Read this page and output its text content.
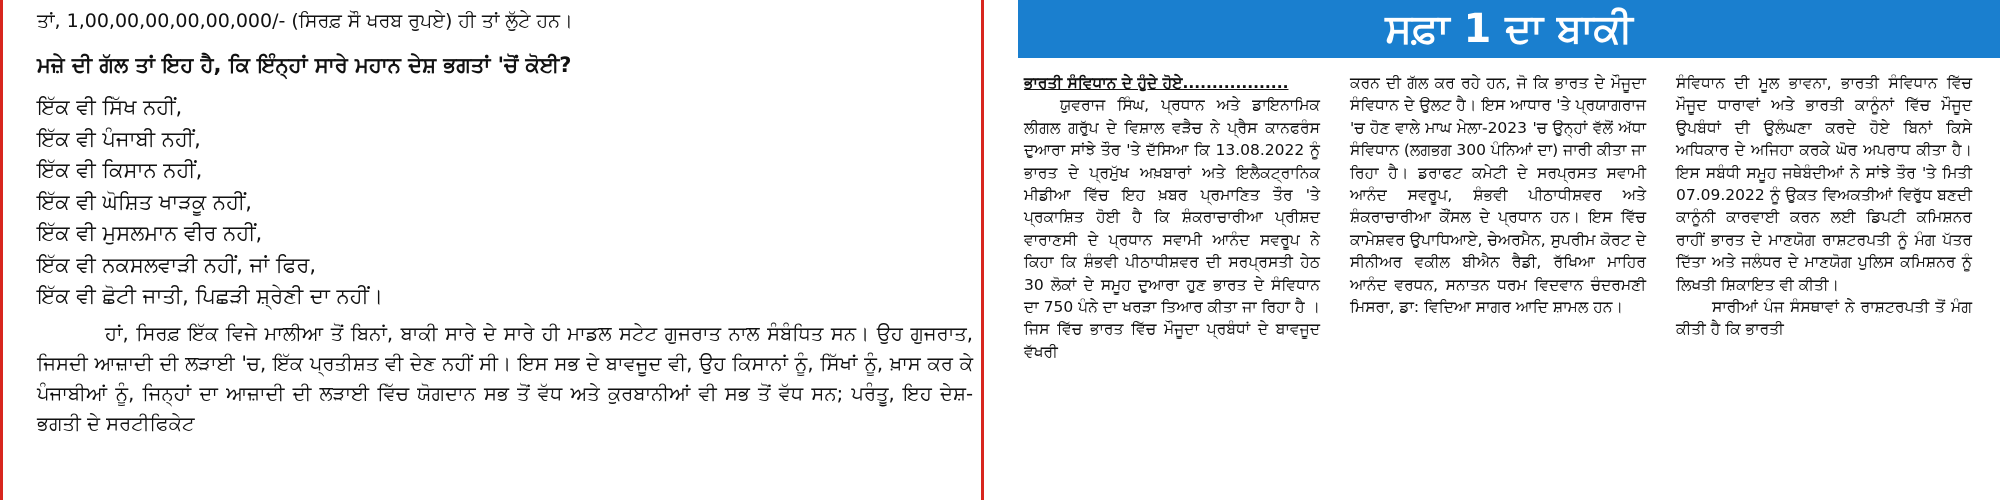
ਤਾਂ, 1,00,00,00,00,00,000/- (ਸਿਰਫ਼ ਸੌ ਖਰਬ ਰੁਪਏ) ਹੀ ਤਾਂ ਲੁੱਟੇ ਹਨ।

ਮਜ਼ੇ ਦੀ ਗੱਲ ਤਾਂ ਇਹ ਹੈ, ਕਿ ਇੰਨ੍ਹਾਂ ਸਾਰੇ ਮਹਾਨ ਦੇਸ਼ ਭਗਤਾਂ 'ਚੋਂ ਕੋਈ?

ਇੱਕ ਵੀ ਸਿੱਖ ਨਹੀਂ,
ਇੱਕ ਵੀ ਪੰਜਾਬੀ ਨਹੀਂ,
ਇੱਕ ਵੀ ਕਿਸਾਨ ਨਹੀਂ,
ਇੱਕ ਵੀ ਘੋਸ਼ਿਤ ਖਾੜਕੂ ਨਹੀਂ,
ਇੱਕ ਵੀ ਮੁਸਲਮਾਨ ਵੀਰ ਨਹੀਂ,
ਇੱਕ ਵੀ ਨਕਸਲਵਾੜੀ ਨਹੀਂ, ਜਾਂ ਫਿਰ,
ਇੱਕ ਵੀ ਛੋਟੀ ਜਾਤੀ, ਪਿਛੜੀ ਸ਼੍ਰੇਣੀ ਦਾ ਨਹੀਂ।

ਹਾਂ, ਸਿਰਫ਼ ਇੱਕ ਵਿਜੇ ਮਾਲੀਆ ਤੋਂ ਬਿਨਾਂ, ਬਾਕੀ ਸਾਰੇ ਦੇ ਸਾਰੇ ਹੀ ਮਾਡਲ ਸਟੇਟ ਗੁਜਰਾਤ ਨਾਲ ਸੰਬੰਧਿਤ ਸਨ। ਉਹ ਗੁਜਰਾਤ, ਜਿਸਦੀ ਆਜ਼ਾਦੀ ਦੀ ਲੜਾਈ 'ਚ, ਇੱਕ ਪ੍ਰਤੀਸ਼ਤ ਵੀ ਦੇਣ ਨਹੀਂ ਸੀ। ਇਸ ਸਭ ਦੇ ਬਾਵਜੂਦ ਵੀ, ਉਹ ਕਿਸਾਨਾਂ ਨੂੰ, ਸਿੱਖਾਂ ਨੂੰ, ਖ਼ਾਸ ਕਰ ਕੇ ਪੰਜਾਬੀਆਂ ਨੂੰ, ਜਿਨ੍ਹਾਂ ਦਾ ਆਜ਼ਾਦੀ ਦੀ ਲੜਾਈ ਵਿੱਚ ਯੋਗਦਾਨ ਸਭ ਤੋਂ ਵੱਧ ਅਤੇ ਕੁਰਬਾਨੀਆਂ ਵੀ ਸਭ ਤੋਂ ਵੱਧ ਸਨ; ਪਰੰਤੂ, ਇਹ ਦੇਸ਼-ਭਗਤੀ ਦੇ ਸਰਟੀਫਿਕੇਟ

ਸਫ਼ਾ 1 ਦਾ ਬਾਕੀ

ਭਾਰਤੀ ਸੰਵਿਧਾਨ ਦੇ ਹੁੰਦੇ ਹੋਏ..................

ਯੁਵਰਾਜ ਸਿੰਘ, ਪ੍ਰਧਾਨ ਅਤੇ ਡਾਇਨਾਮਿਕ ਲੀਗਲ ਗਰੁੱਪ ਦੇ ਵਿਸ਼ਾਲ ਵੜੈਚ ਨੇ ਪ੍ਰੈਸ ਕਾਨਫਰੰਸ ਦੁਆਰਾ ਸਾਂਝੇ ਤੌਰ 'ਤੇ ਦੱਸਿਆ ਕਿ 13.08.2022 ਨੂੰ ਭਾਰਤ ਦੇ ਪ੍ਰਮੁੱਖ ਅਖ਼ਬਾਰਾਂ ਅਤੇ ਇਲੈਕਟ੍ਰਾਨਿਕ ਮੀਡੀਆ ਵਿੱਚ ਇਹ ਖ਼ਬਰ ਪ੍ਰਮਾਣਿਤ ਤੌਰ 'ਤੇ ਪ੍ਰਕਾਸ਼ਿਤ ਹੋਈ ਹੈ ਕਿ ਸ਼ੰਕਰਾਚਾਰੀਆ ਪ੍ਰੀਸ਼ਦ ਵਾਰਾਣਸੀ ਦੇ ਪ੍ਰਧਾਨ ਸਵਾਮੀ ਆਨੰਦ ਸਵਰੂਪ ਨੇ ਕਿਹਾ ਕਿ ਸ਼ੰਭਵੀ ਪੀਠਾਧੀਸ਼ਵਰ ਦੀ ਸਰਪ੍ਰਸਤੀ ਹੇਠ 30 ਲੋਕਾਂ ਦੇ ਸਮੂਹ ਦੁਆਰਾ ਹੁਣ ਭਾਰਤ ਦੇ ਸੰਵਿਧਾਨ ਦਾ 750 ਪੰਨੇ ਦਾ ਖਰੜਾ ਤਿਆਰ ਕੀਤਾ ਜਾ ਰਿਹਾ ਹੈ । ਜਿਸ ਵਿੱਚ ਭਾਰਤ ਵਿੱਚ ਮੌਜੂਦਾ ਪ੍ਰਬੰਧਾਂ ਦੇ ਬਾਵਜੂਦ ਵੱਖਰੀ

ਕਰਨ ਦੀ ਗੱਲ ਕਰ ਰਹੇ ਹਨ, ਜੋ ਕਿ ਭਾਰਤ ਦੇ ਮੌਜੂਦਾ ਸੰਵਿਧਾਨ ਦੇ ਉਲਟ ਹੈ। ਇਸ ਆਧਾਰ 'ਤੇ ਪ੍ਰਯਾਗਰਾਜ 'ਚ ਹੋਣ ਵਾਲੇ ਮਾਘ ਮੇਲਾ-2023 'ਚ ਉਨ੍ਹਾਂ ਵੱਲੋਂ ਅੱਧਾ ਸੰਵਿਧਾਨ (ਲਗਭਗ 300 ਪੰਨਿਆਂ ਦਾ) ਜਾਰੀ ਕੀਤਾ ਜਾ ਰਿਹਾ ਹੈ। ਡਰਾਫਟ ਕਮੇਟੀ ਦੇ ਸਰਪ੍ਰਸਤ ਸਵਾਮੀ ਆਨੰਦ ਸਵਰੂਪ, ਸ਼ੰਭਵੀ ਪੀਠਾਧੀਸ਼ਵਰ ਅਤੇ ਸ਼ੰਕਰਾਚਾਰੀਆ ਕੌਂਸਲ ਦੇ ਪ੍ਰਧਾਨ ਹਨ। ਇਸ ਵਿੱਚ ਕਾਮੇਸ਼ਵਰ ਉਪਾਧਿਆਏ, ਚੇਅਰਮੈਨ, ਸੁਪਰੀਮ ਕੋਰਟ ਦੇ ਸੀਨੀਅਰ ਵਕੀਲ ਬੀਐਨ ਰੈਡੀ, ਰੱਖਿਆ ਮਾਹਿਰ ਆਨੰਦ ਵਰਧਨ, ਸਨਾਤਨ ਧਰਮ ਵਿਦਵਾਨ ਚੰਦਰਮਣੀ ਮਿਸਰਾ, ਡਾ: ਵਿਦਿਆ ਸਾਗਰ ਆਦਿ ਸ਼ਾਮਲ ਹਨ।

ਸੰਵਿਧਾਨ ਦੀ ਮੂਲ ਭਾਵਨਾ, ਭਾਰਤੀ ਸੰਵਿਧਾਨ ਵਿੱਚ ਮੌਜੂਦ ਧਾਰਾਵਾਂ ਅਤੇ ਭਾਰਤੀ ਕਾਨੂੰਨਾਂ ਵਿੱਚ ਮੌਜੂਦ ਉਪਬੰਧਾਂ ਦੀ ਉਲੰਘਣਾ ਕਰਦੇ ਹੋਏ ਬਿਨਾਂ ਕਿਸੇ ਅਧਿਕਾਰ ਦੇ ਅਜਿਹਾ ਕਰਕੇ ਘੋਰ ਅਪਰਾਧ ਕੀਤਾ ਹੈ। ਇਸ ਸਬੰਧੀ ਸਮੂਹ ਜਥੇਬੰਦੀਆਂ ਨੇ ਸਾਂਝੇ ਤੌਰ 'ਤੇ ਮਿਤੀ 07.09.2022 ਨੂੰ ਉਕਤ ਵਿਅਕਤੀਆਂ ਵਿਰੁੱਧ ਬਣਦੀ ਕਾਨੂੰਨੀ ਕਾਰਵਾਈ ਕਰਨ ਲਈ ਡਿਪਟੀ ਕਮਿਸ਼ਨਰ ਰਾਹੀਂ ਭਾਰਤ ਦੇ ਮਾਣਯੋਗ ਰਾਸ਼ਟਰਪਤੀ ਨੂੰ ਮੰਗ ਪੱਤਰ ਦਿੱਤਾ ਅਤੇ ਜਲੰਧਰ ਦੇ ਮਾਣਯੋਗ ਪੁਲਿਸ ਕਮਿਸ਼ਨਰ ਨੂੰ ਲਿਖਤੀ ਸ਼ਿਕਾਇਤ ਵੀ ਕੀਤੀ।

ਸਾਰੀਆਂ ਪੰਜ ਸੰਸਥਾਵਾਂ ਨੇ ਰਾਸ਼ਟਰਪਤੀ ਤੋਂ ਮੰਗ ਕੀਤੀ ਹੈ ਕਿ ਭਾਰਤੀ
